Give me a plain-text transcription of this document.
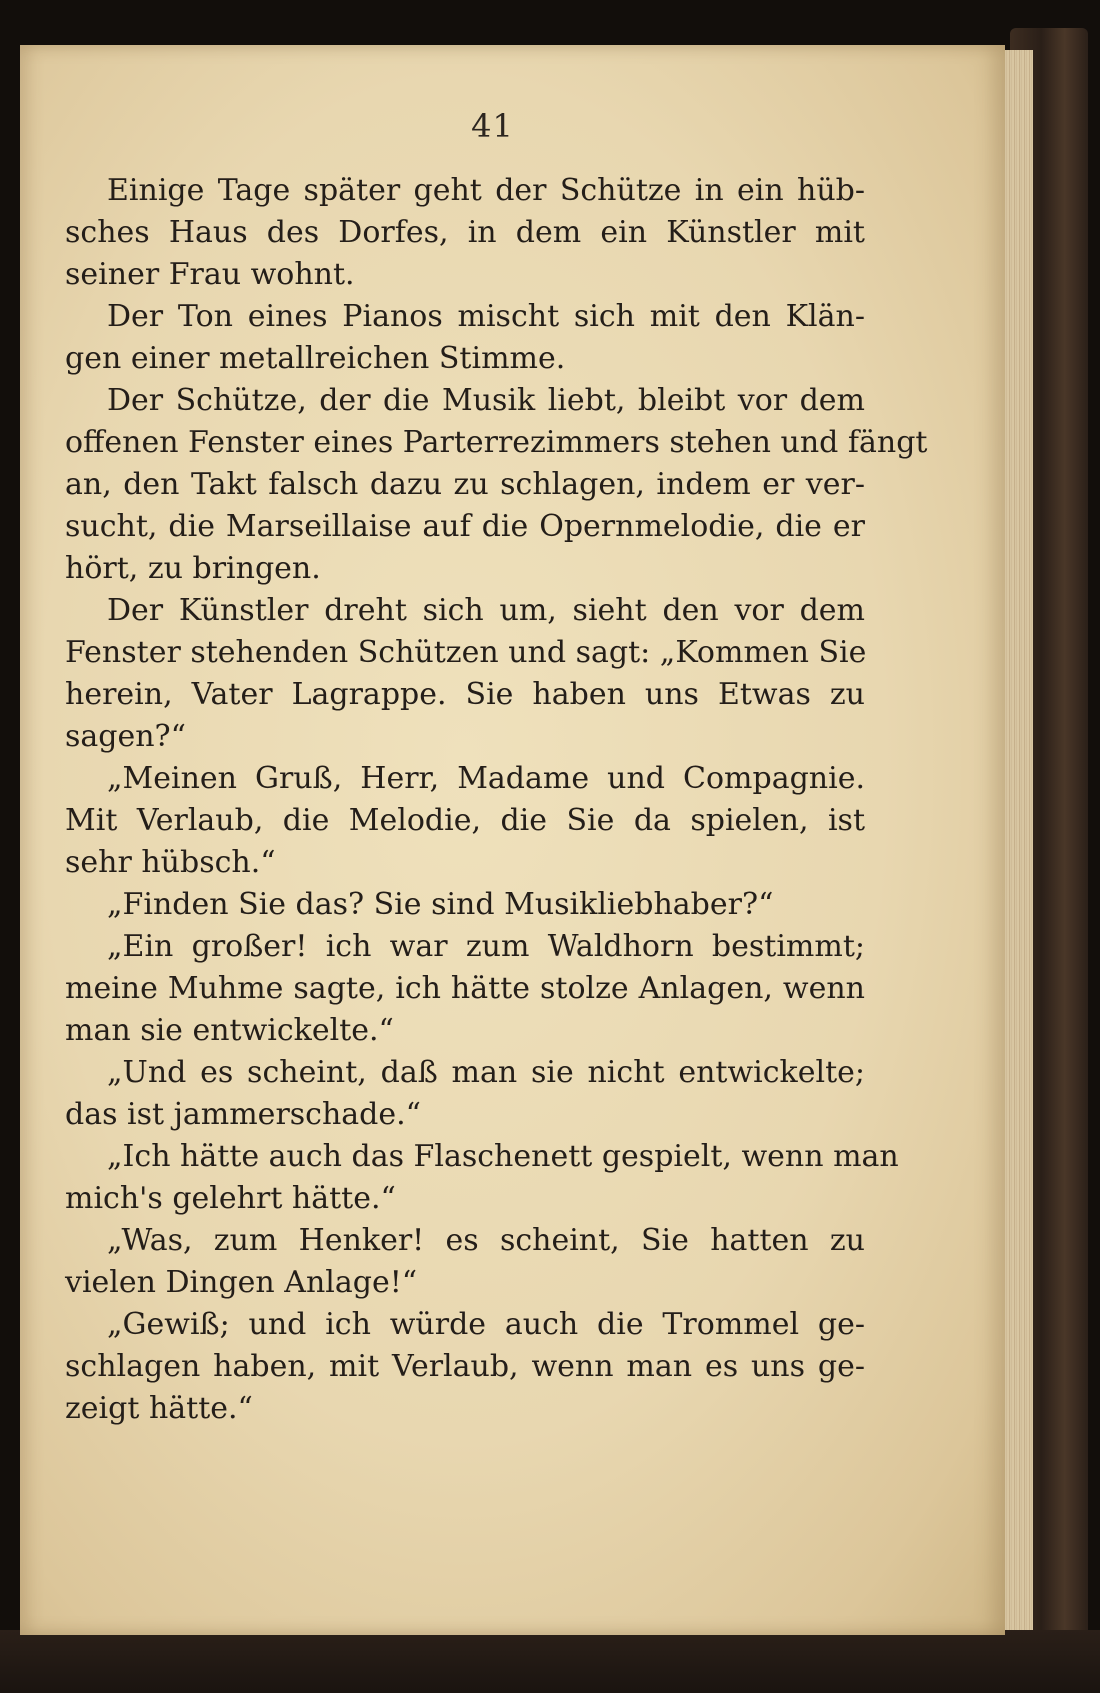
41
Einige Tage später geht der Schütze in ein hüb-
sches Haus des Dorfes, in dem ein Künstler mit
seiner Frau wohnt.
Der Ton eines Pianos mischt sich mit den Klän-
gen einer metallreichen Stimme.
Der Schütze, der die Musik liebt, bleibt vor dem
offenen Fenster eines Parterrezimmers stehen und fängt
an, den Takt falsch dazu zu schlagen, indem er ver-
sucht, die Marseillaise auf die Opernmelodie, die er
hört, zu bringen.
Der Künstler dreht sich um, sieht den vor dem
Fenster stehenden Schützen und sagt: „Kommen Sie
herein, Vater Lagrappe. Sie haben uns Etwas zu
sagen?“
„Meinen Gruß, Herr, Madame und Compagnie.
Mit Verlaub, die Melodie, die Sie da spielen, ist
sehr hübsch.“
„Finden Sie das? Sie sind Musikliebhaber?“
„Ein großer! ich war zum Waldhorn bestimmt;
meine Muhme sagte, ich hätte stolze Anlagen, wenn
man sie entwickelte.“
„Und es scheint, daß man sie nicht entwickelte;
das ist jammerschade.“
„Ich hätte auch das Flaschenett gespielt, wenn man
mich's gelehrt hätte.“
„Was, zum Henker! es scheint, Sie hatten zu
vielen Dingen Anlage!“
„Gewiß; und ich würde auch die Trommel ge-
schlagen haben, mit Verlaub, wenn man es uns ge-
zeigt hätte.“
